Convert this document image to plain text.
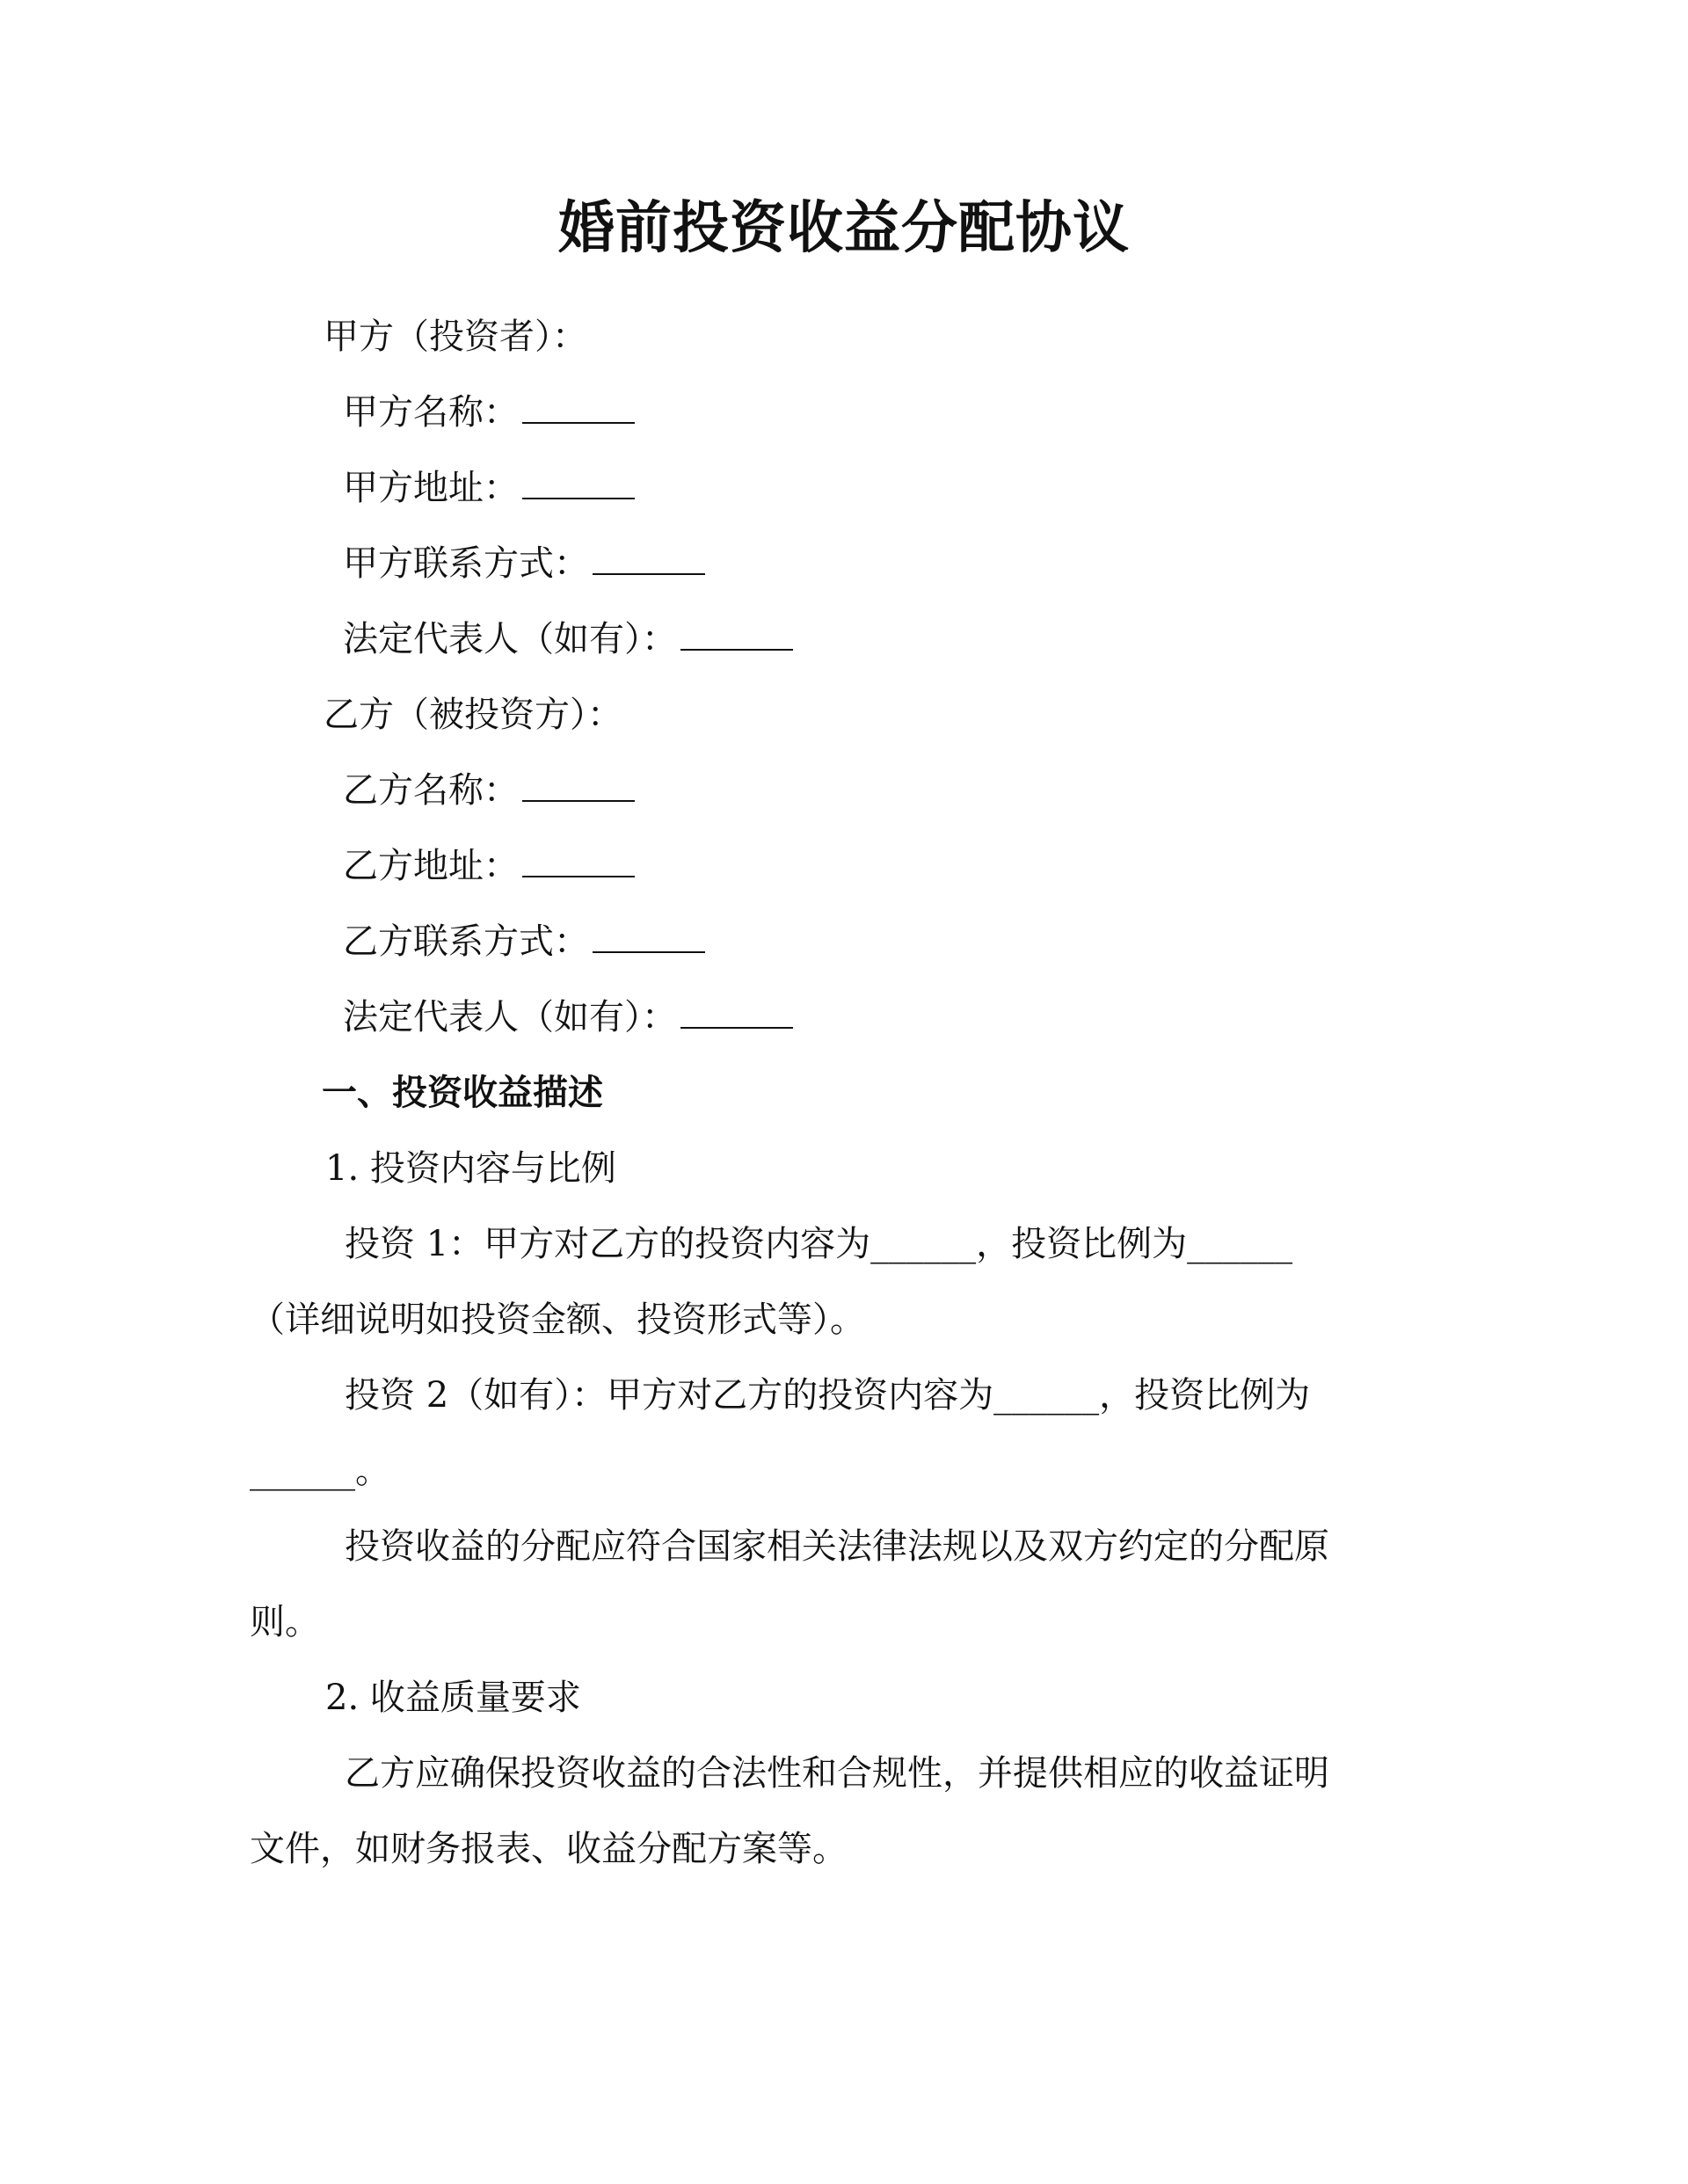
婚前投资收益分配协议
甲方（投资者）：
甲方名称：
甲方地址：
甲方联系方式：
法定代表人（如有）：
乙方（被投资方）：
乙方名称：
乙方地址：
乙方联系方式：
法定代表人（如有）：
一、投资收益描述
1. 投资内容与比例
投资 1：甲方对乙方的投资内容为______，投资比例为______
（详细说明如投资金额、投资形式等）。
投资 2（如有）：甲方对乙方的投资内容为______，投资比例为
______。
投资收益的分配应符合国家相关法律法规以及双方约定的分配原
则。
2. 收益质量要求
乙方应确保投资收益的合法性和合规性，并提供相应的收益证明
文件，如财务报表、收益分配方案等。
